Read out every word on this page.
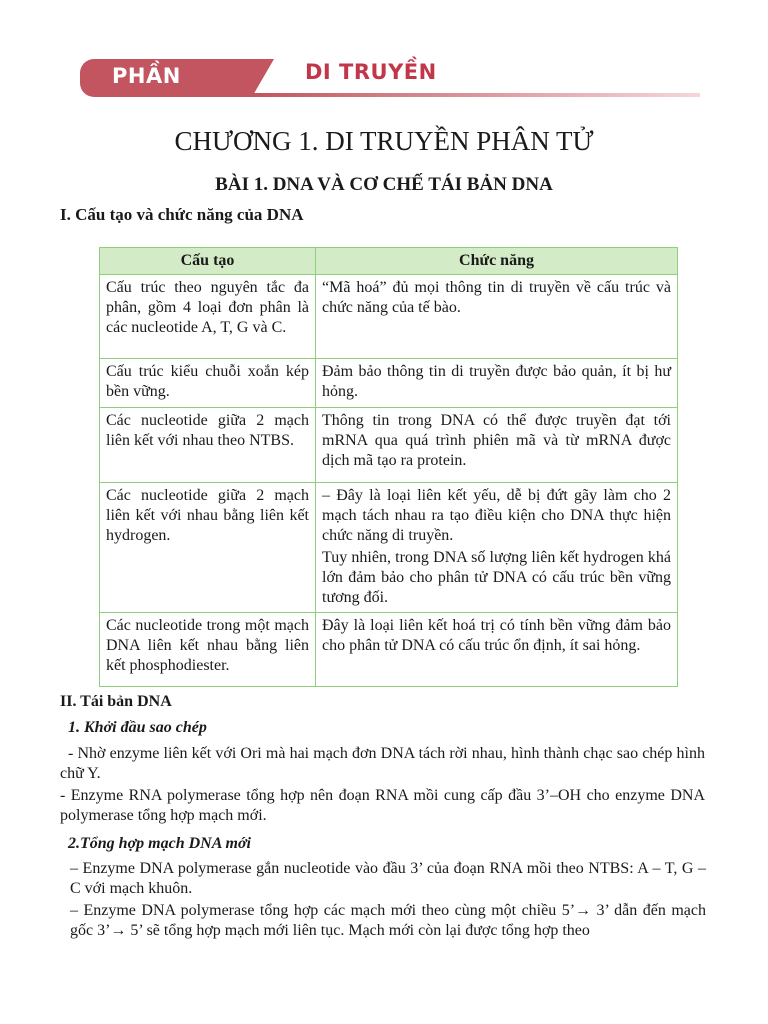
PHẦN	DI TRUYỀN
CHƯƠNG 1. DI TRUYỀN PHÂN TỬ
BÀI 1. DNA VÀ CƠ CHẾ TÁI BẢN DNA
I. Cấu tạo và chức năng của DNA
Cấu tạo	Chức năng
Cấu trúc theo nguyên tắc đa phân, gồm 4 loại đơn phân là các nucleotide A, T, G và C.	“Mã hoá” đủ mọi thông tin di truyền về cấu trúc và chức năng của tế bào.

Cấu trúc kiểu chuỗi xoắn kép bền vững.	Đảm bảo thông tin di truyền được bảo quản, ít bị hư hỏng.

Các nucleotide giữa 2 mạch liên kết với nhau theo NTBS.	Thông tin trong DNA có thể được truyền đạt tới mRNA qua quá trình phiên mã và từ mRNA được dịch mã tạo ra protein.

Các nucleotide giữa 2 mạch liên kết với nhau bằng liên kết hydrogen.	– Đây là loại liên kết yếu, dễ bị đứt gãy làm cho 2 mạch tách nhau ra tạo điều kiện cho DNA thực hiện chức năng di truyền.

Tuy nhiên, trong DNA số lượng liên kết hydrogen khá lớn đảm bảo cho phân tử DNA có cấu trúc bền vững tương đối.

Các nucleotide trong một mạch DNA liên kết nhau bằng liên kết phosphodiester.	Đây là loại liên kết hoá trị có tính bền vững đảm bảo cho phân tử DNA có cấu trúc ổn định, ít sai hỏng.

II. Tái bản DNA
1. Khởi đầu sao chép

- Nhờ enzyme liên kết với Ori mà hai mạch đơn DNA tách rời nhau, hình thành chạc sao chép hình chữ Y.

- Enzyme RNA polymerase tổng hợp nên đoạn RNA mồi cung cấp đầu 3’–OH cho enzyme DNA polymerase tổng hợp mạch mới.

2.Tổng hợp mạch DNA mới

– Enzyme DNA polymerase gắn nucleotide vào đầu 3’ của đoạn RNA mồi theo NTBS: A – T, G – C với mạch khuôn.

– Enzyme DNA polymerase tổng hợp các mạch mới theo cùng một chiều 5’→ 3’ dẫn đến mạch gốc 3’→ 5’ sẽ tổng hợp mạch mới liên tục. Mạch mới còn lại được tổng hợp theo
